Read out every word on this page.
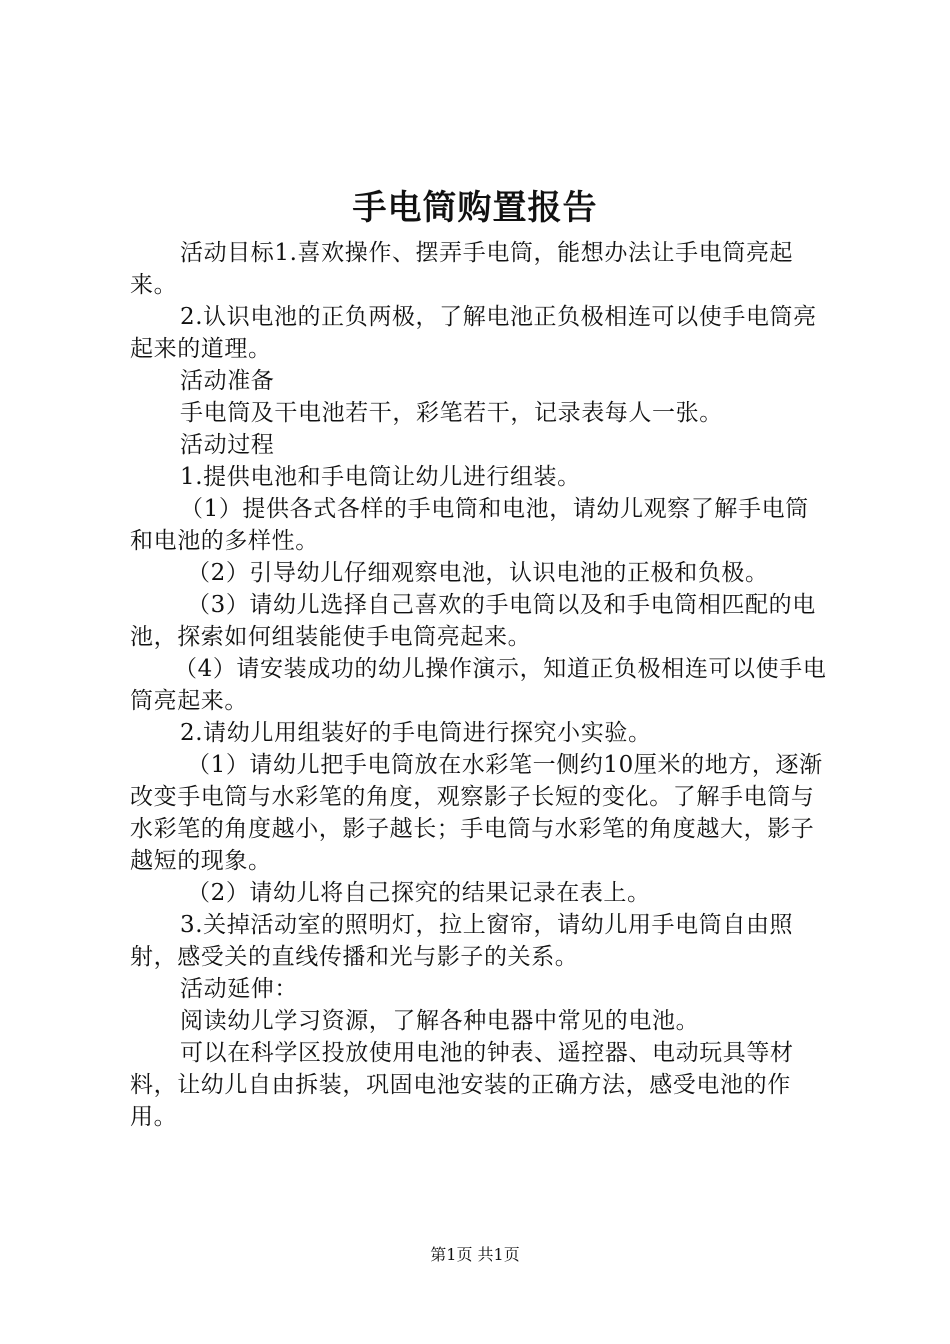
手电筒购置报告

活动目标1.喜欢操作、摆弄手电筒，能想办法让手电筒亮起来。

2.认识电池的正负两极，了解电池正负极相连可以使手电筒亮起来的道理。

活动准备

手电筒及干电池若干，彩笔若干，记录表每人一张。

活动过程

1.提供电池和手电筒让幼儿进行组装。

（1）提供各式各样的手电筒和电池，请幼儿观察了解手电筒和电池的多样性。

（2）引导幼儿仔细观察电池，认识电池的正极和负极。

（3）请幼儿选择自己喜欢的手电筒以及和手电筒相匹配的电池，探索如何组装能使手电筒亮起来。

（4）请安装成功的幼儿操作演示，知道正负极相连可以使手电筒亮起来。

2.请幼儿用组装好的手电筒进行探究小实验。

（1）请幼儿把手电筒放在水彩笔一侧约10厘米的地方，逐渐改变手电筒与水彩笔的角度，观察影子长短的变化。了解手电筒与水彩笔的角度越小，影子越长；手电筒与水彩笔的角度越大，影子越短的现象。

（2）请幼儿将自己探究的结果记录在表上。

3.关掉活动室的照明灯，拉上窗帘，请幼儿用手电筒自由照射，感受关的直线传播和光与影子的关系。

活动延伸：

阅读幼儿学习资源，了解各种电器中常见的电池。

可以在科学区投放使用电池的钟表、遥控器、电动玩具等材料，让幼儿自由拆装，巩固电池安装的正确方法，感受电池的作用。

第1页 共1页
